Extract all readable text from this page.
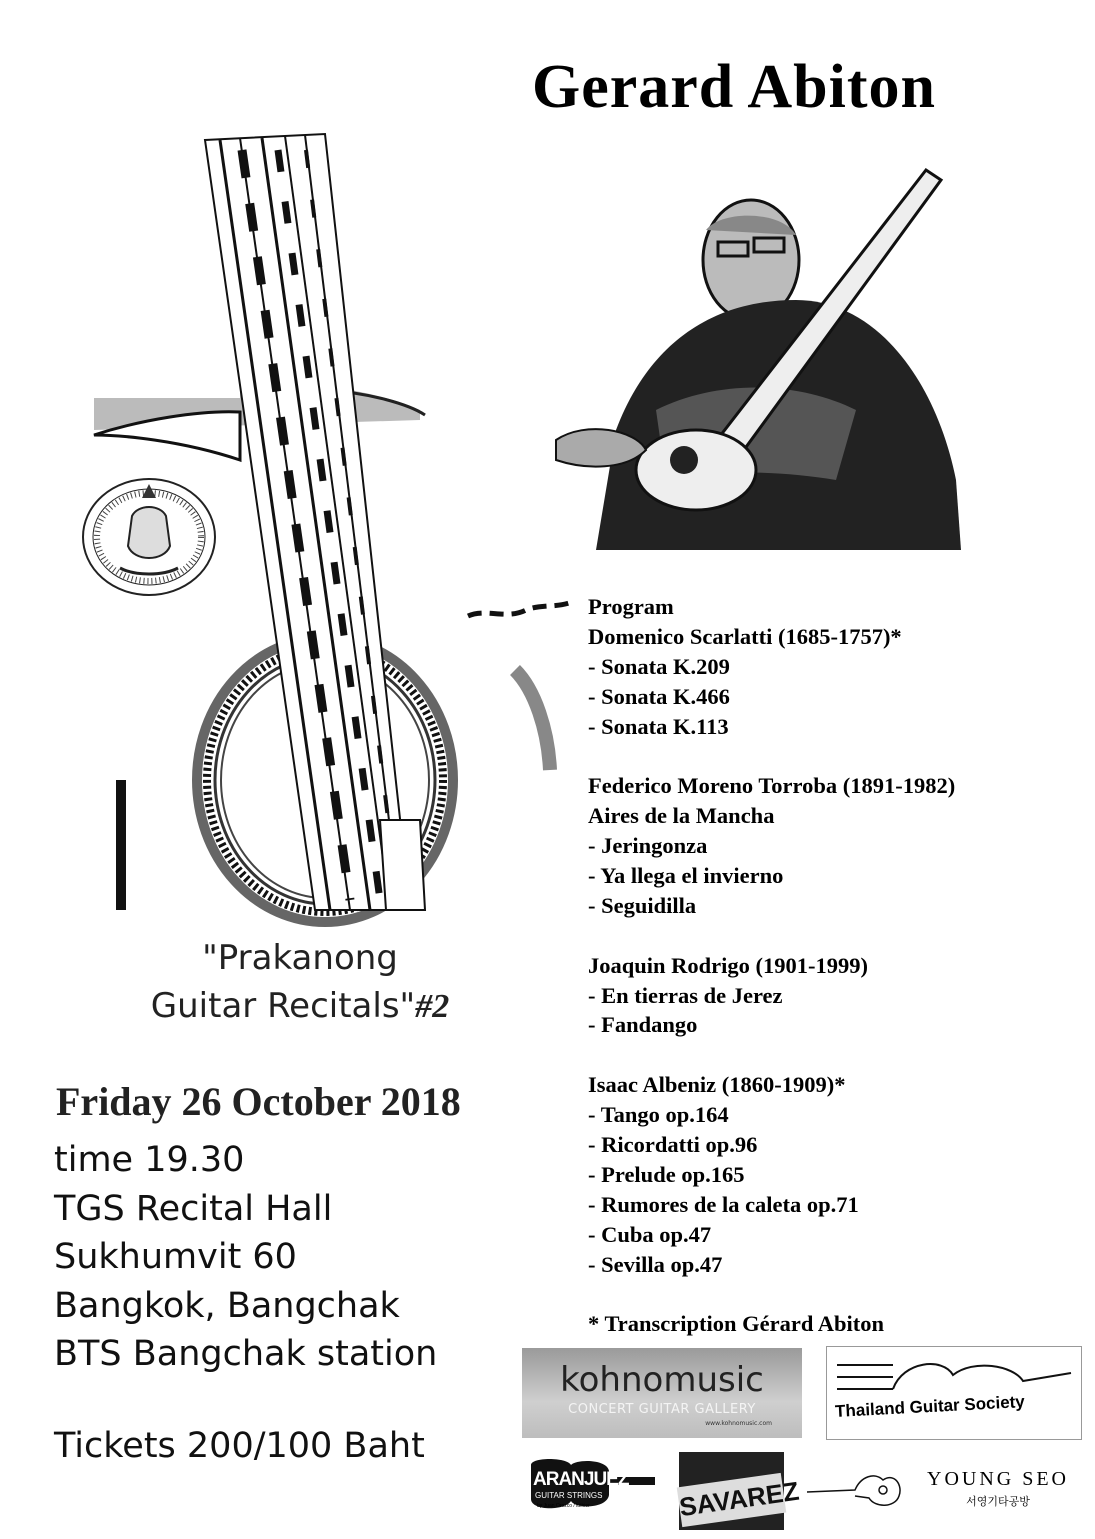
Gerard Abiton
Program
Domenico Scarlatti (1685-1757)*
- Sonata K.209
- Sonata K.466
- Sonata K.113
Federico Moreno Torroba (1891-1982)
Aires de la Mancha
- Jeringonza
- Ya llega el invierno
- Seguidilla
Joaquin Rodrigo (1901-1999)
- En tierras de Jerez
- Fandango
Isaac Albeniz (1860-1909)*
- Tango op.164
- Ricordatti op.96
- Prelude op.165
- Rumores de la caleta op.71
- Cuba op.47
- Sevilla op.47
* Transcription Gérard Abiton
"Prakanong
Guitar Recitals"#2
Friday 26 October 2018
time 19.30
TGS Recital Hall
Sukhumvit 60
Bangkok, Bangchak
BTS Bangchak station
Tickets 200/100 Baht
kohnomusic
CONCERT GUITAR GALLERY
www.kohnomusic.com
Thailand Guitar Society
ARANJUEZ
GUITAR STRINGS
by Juan Orozco / luthier	SAVAREZ	YOUNG SEO
서영기타공방
